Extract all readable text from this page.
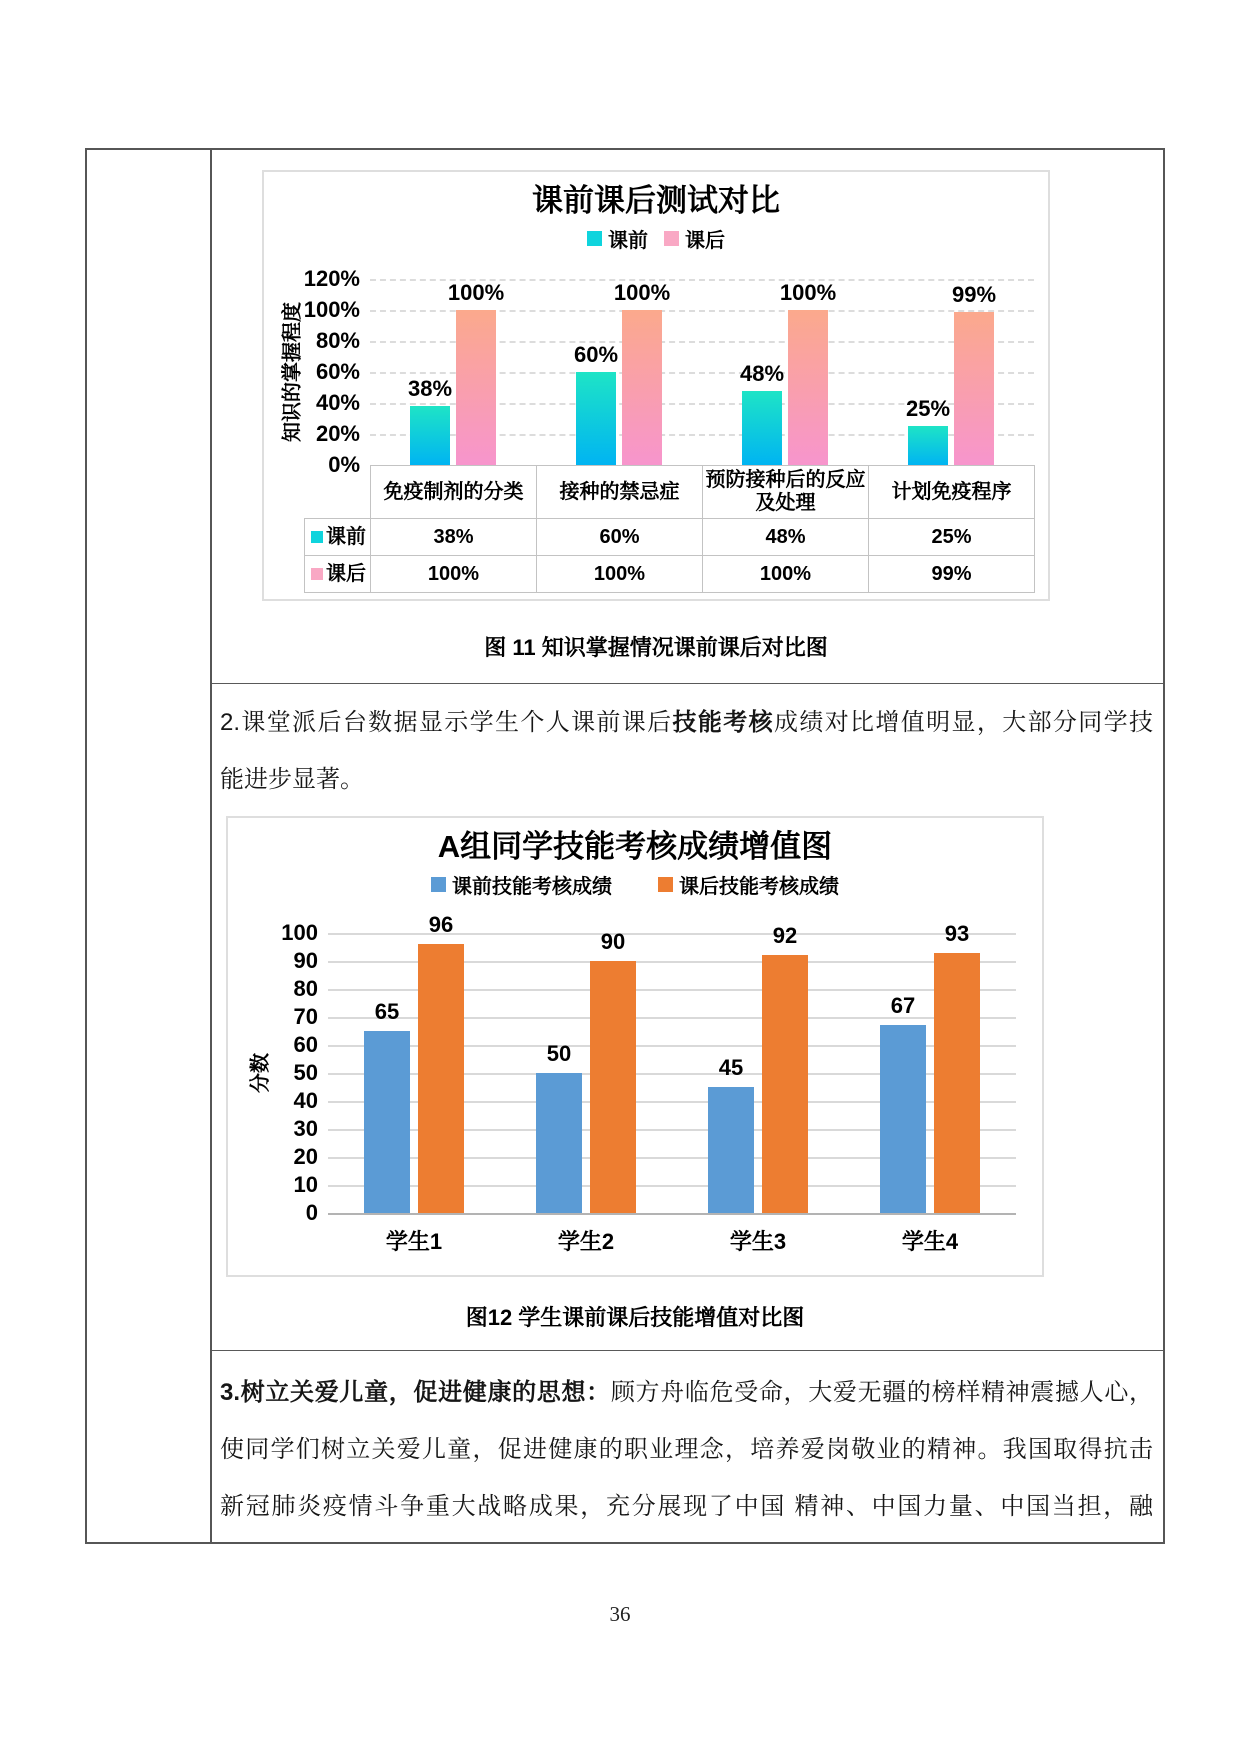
课前课后测试对比
课前 课后
知识的掌握程度
0%
20%
40%
60%
80%
100%
120%
38%
100%
60%
100%
48%
100%
25%
99%
	免疫制剂的分类	接种的禁忌症	预防接种后的反应及处理	计划免疫程序

课前	38%	60%	48%	25%

课后	100%	100%	100%	99%
图 11 知识掌握情况课前课后对比图
2.课堂派后台数据显示学生个人课前课后技能考核成绩对比增值明显，大部分同学技
能进步显著。
A组同学技能考核成绩增值图
课前技能考核成绩	课后技能考核成绩
分数
0
10
20
30
40
50
60
70
80
90
100
65
96
学生1
50
90
学生2
45
92
学生3
67
93
学生4
图12 学生课前课后技能增值对比图
3.树立关爱儿童，促进健康的思想：顾方舟临危受命，大爱无疆的榜样精神震撼人心，
使同学们树立关爱儿童，促进健康的职业理念，培养爱岗敬业的精神。我国取得抗击
新冠肺炎疫情斗争重大战略成果，充分展现了中国 精神、中国力量、中国当担，融
36
